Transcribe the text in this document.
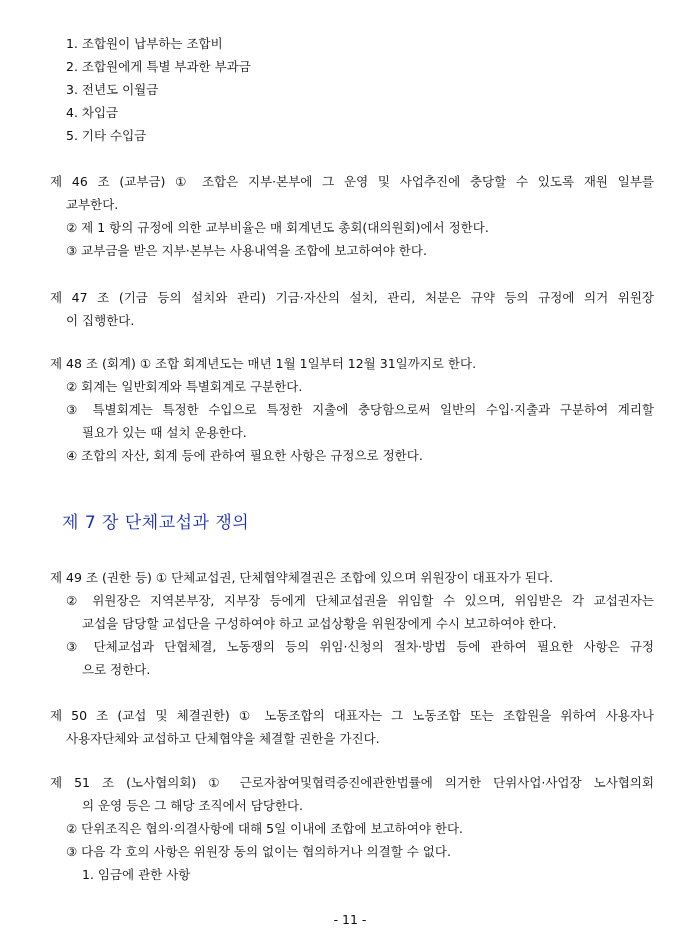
1. 조합원이 납부하는 조합비
2. 조합원에게 특별 부과한 부과금
3. 전년도 이월금
4. 차입금
5. 기타 수입금
제 46 조 (교부금) ① 조합은 지부·본부에 그 운영 및 사업추진에 충당할 수 있도록 재원 일부를
교부한다.
② 제 1 항의 규정에 의한 교부비율은 매 회계년도 총회(대의원회)에서 정한다.
③ 교부금을 받은 지부·본부는 사용내역을 조합에 보고하여야 한다.
제 47 조 (기금 등의 설치와 관리) 기금·자산의 설치, 관리, 처분은 규약 등의 규정에 의거 위원장
이 집행한다.
제 48 조 (회계) ① 조합 회계년도는 매년 1월 1일부터 12월 31일까지로 한다.
② 회계는 일반회계와 특별회계로 구분한다.
③ 특별회계는 특정한 수입으로 특정한 지출에 충당함으로써 일반의 수입·지출과 구분하여 계리할
필요가 있는 때 설치 운용한다.
④ 조합의 자산, 회계 등에 관하여 필요한 사항은 규정으로 정한다.
제 7 장 단체교섭과 쟁의
제 49 조 (권한 등) ① 단체교섭권, 단체협약체결권은 조합에 있으며 위원장이 대표자가 된다.
② 위원장은 지역본부장, 지부장 등에게 단체교섭권을 위임할 수 있으며, 위임받은 각 교섭권자는
교섭을 담당할 교섭단을 구성하여야 하고 교섭상황을 위원장에게 수시 보고하여야 한다.
③ 단체교섭과 단협체결, 노동쟁의 등의 위임·신청의 절차·방법 등에 관하여 필요한 사항은 규정
으로 정한다.
제 50 조 (교섭 및 체결권한) ① 노동조합의 대표자는 그 노동조합 또는 조합원을 위하여 사용자나
사용자단체와 교섭하고 단체협약을 체결할 권한을 가진다.
제 51 조 (노사협의회) ① 근로자참여및협력증진에관한법률에 의거한 단위사업·사업장 노사협의회
의 운영 등은 그 해당 조직에서 담당한다.
② 단위조직은 협의·의결사항에 대해 5일 이내에 조합에 보고하여야 한다.
③ 다음 각 호의 사항은 위원장 동의 없이는 협의하거나 의결할 수 없다.
1. 임금에 관한 사항
- 11 -
